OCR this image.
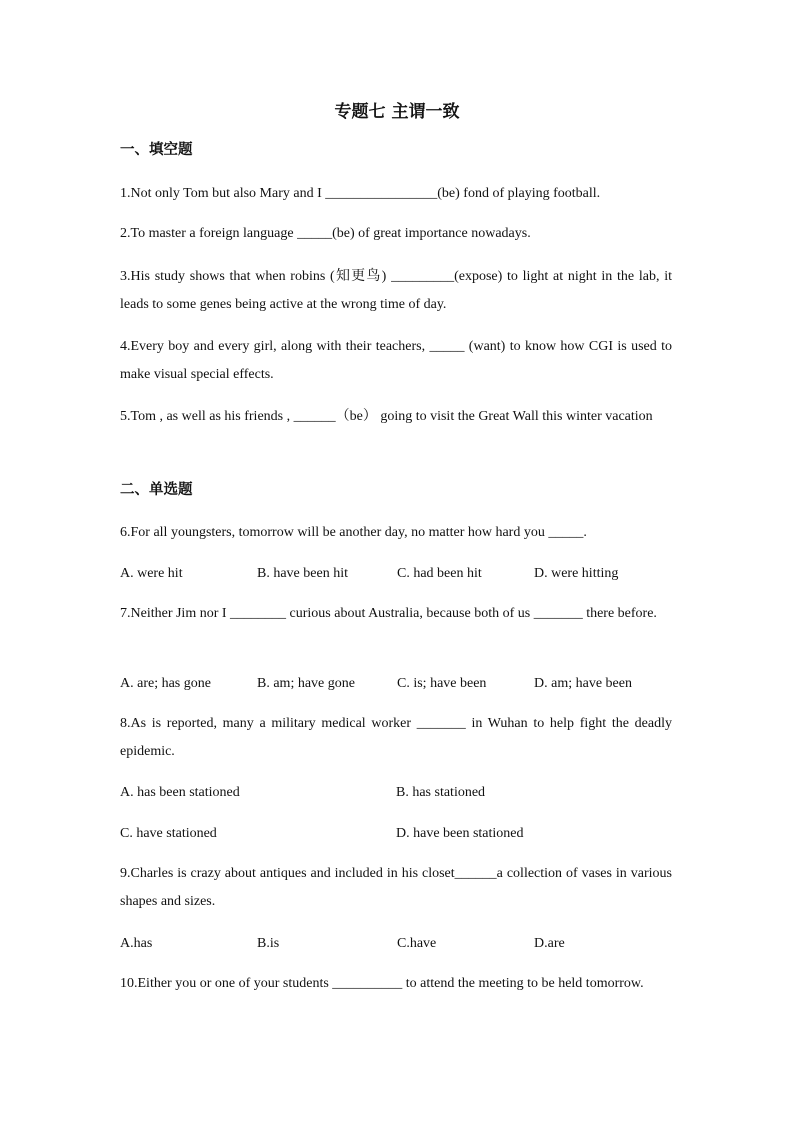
专题七 主谓一致
一、填空题

1.Not only Tom but also Mary and I ________________(be) fond of playing football.

2.To master a foreign language _____(be) of great importance nowadays.

3.His study shows that when robins (知更鸟) _________(expose) to light at night in the lab, it leads to some genes being active at the wrong time of day.

4.Every boy and every girl, along with their teachers, _____ (want) to know how CGI is used to make visual special effects.

5.Tom , as well as his friends , ______（be） going to visit the Great Wall this winter vacation

二、单选题

6.For all youngsters, tomorrow will be another day, no matter how hard you _____.

A. were hit	B. have been hit	C. had been hit	D. were hitting

7.Neither Jim nor I ________ curious about Australia, because both of us _______ there before.

A. are; has gone	B. am; have gone	C. is; have been	D. am; have been

8.As is reported, many a military medical worker _______ in Wuhan to help fight the deadly epidemic.

A. has been stationed	B. has stationed
C. have stationed	D. have been stationed

9.Charles is crazy about antiques and included in his closet______a collection of vases in various shapes and sizes.

A.has	B.is	C.have	D.are

10.Either you or one of your students __________ to attend the meeting to be held tomorrow.
